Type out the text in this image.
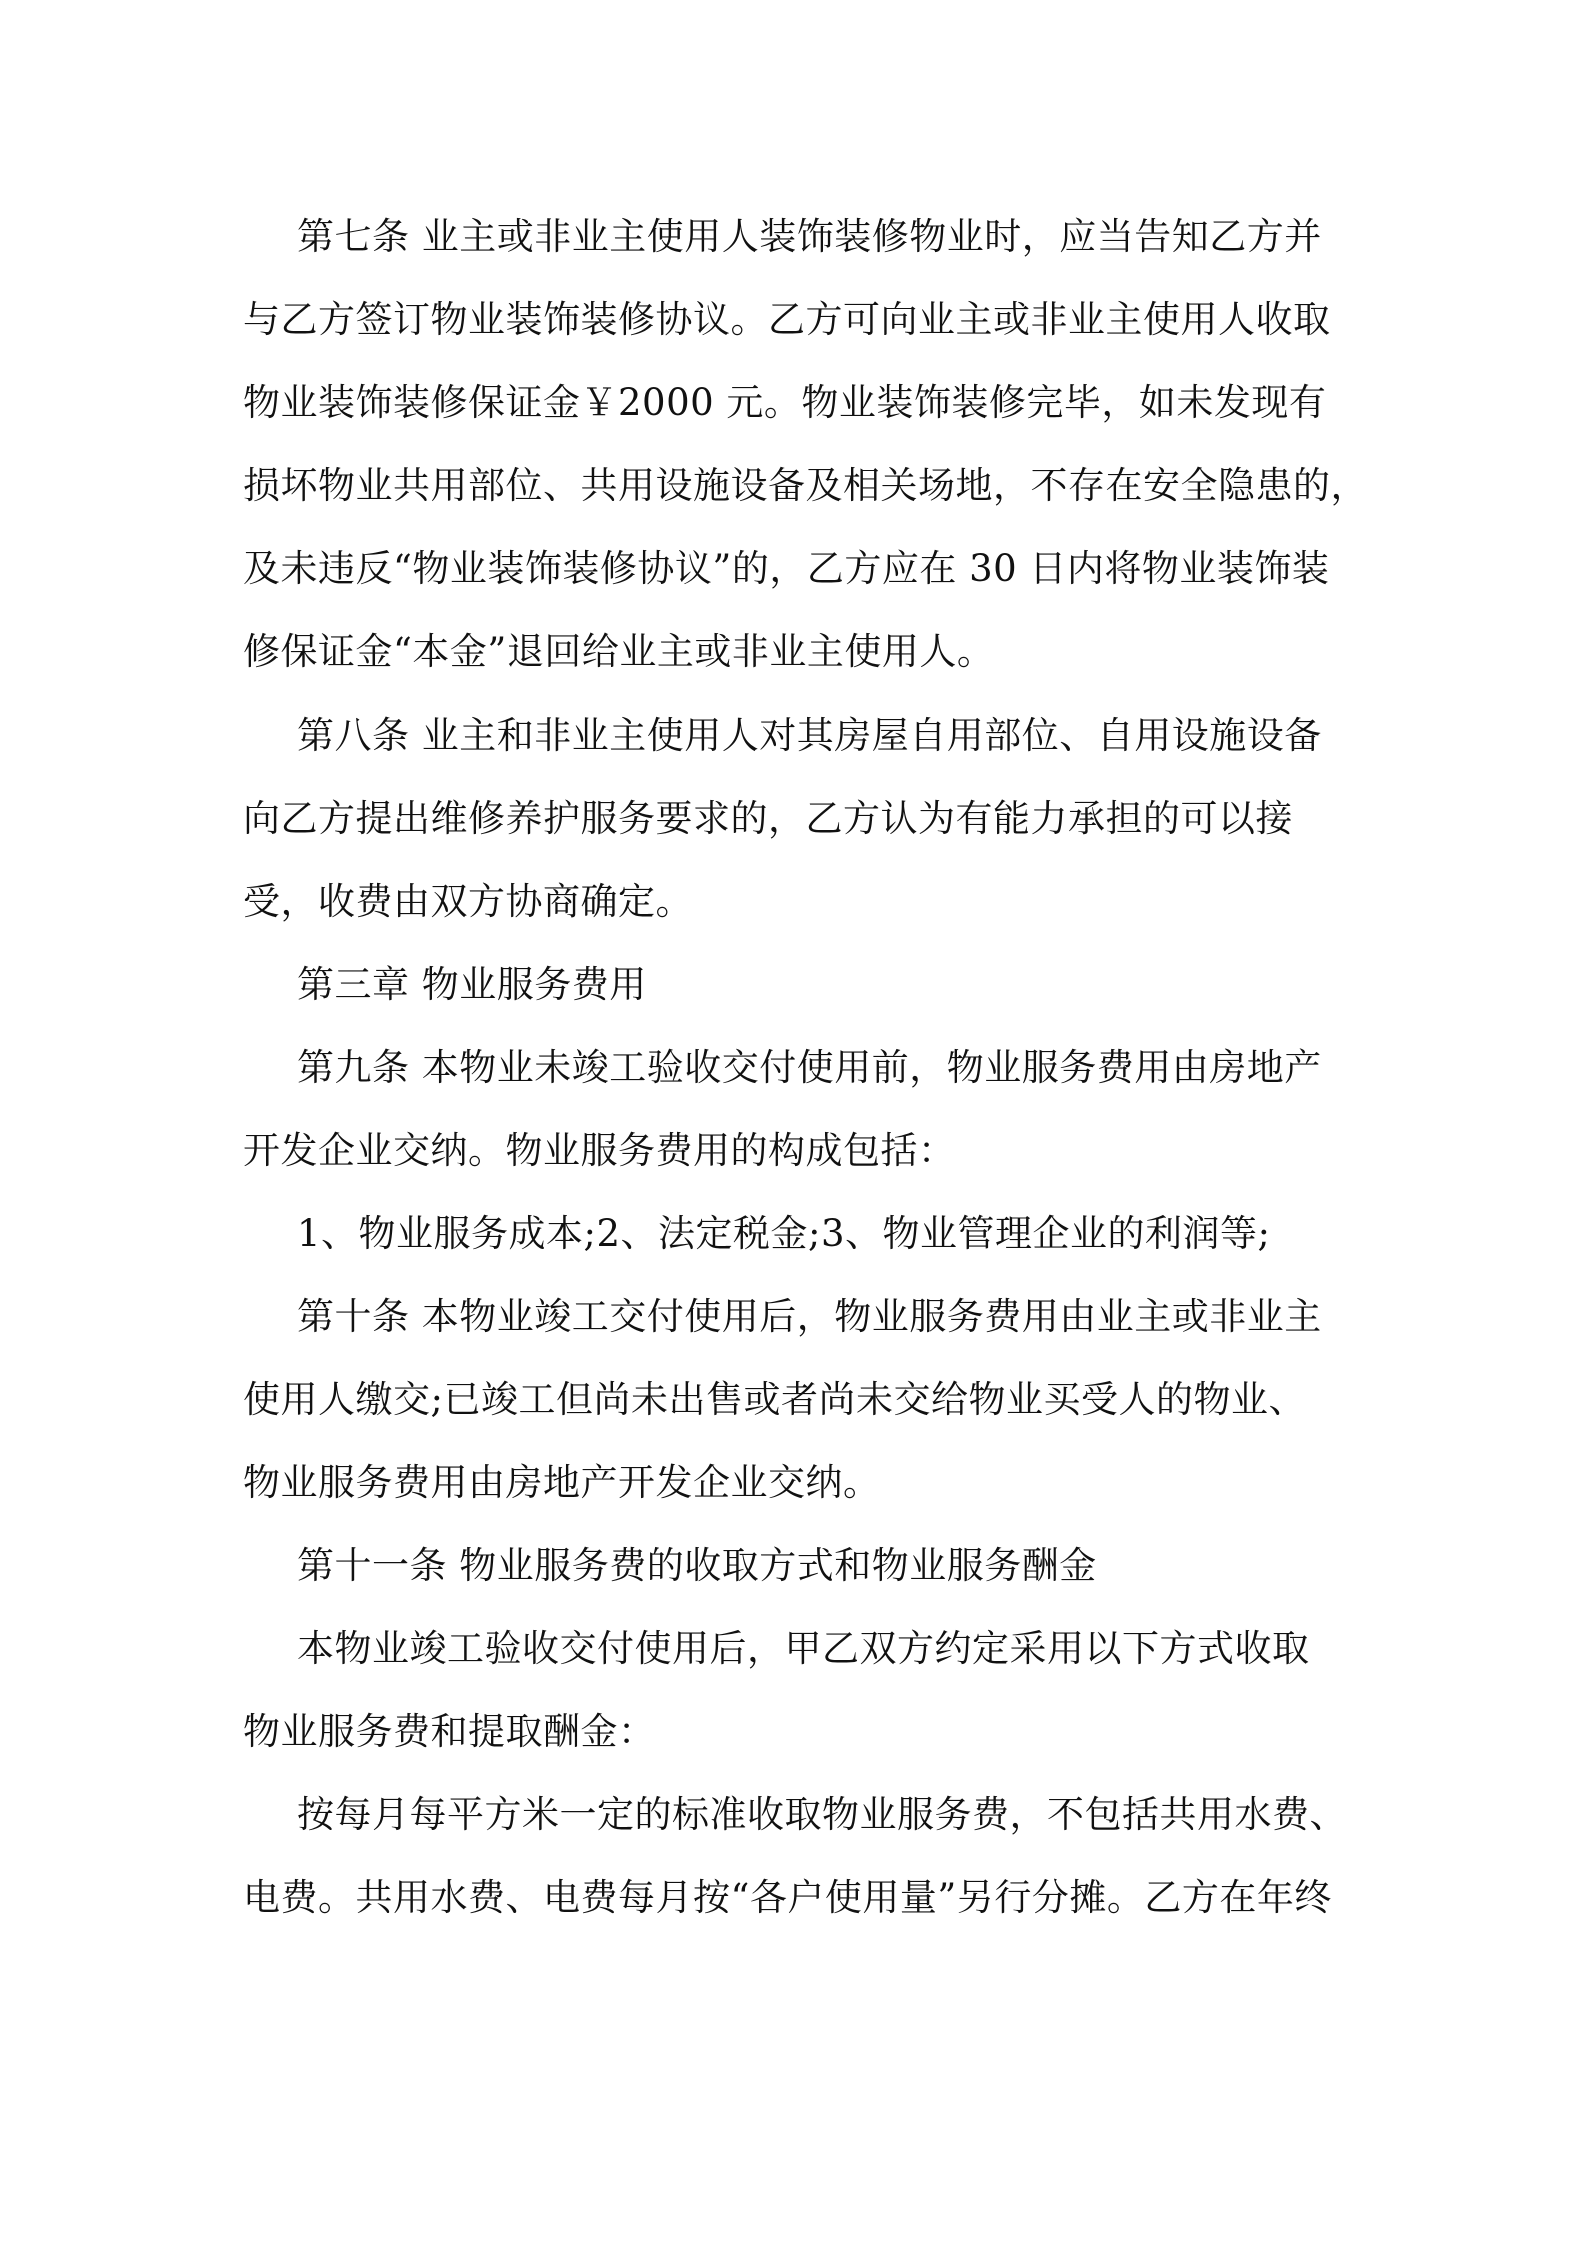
第七条 业主或非业主使用人装饰装修物业时，应当告知乙方并

与乙方签订物业装饰装修协议。乙方可向业主或非业主使用人收取

物业装饰装修保证金￥2000 元。物业装饰装修完毕，如未发现有

损坏物业共用部位、共用设施设备及相关场地，不存在安全隐患的，

及未违反“物业装饰装修协议”的，乙方应在 30 日内将物业装饰装

修保证金“本金”退回给业主或非业主使用人。

第八条 业主和非业主使用人对其房屋自用部位、自用设施设备

向乙方提出维修养护服务要求的，乙方认为有能力承担的可以接

受，收费由双方协商确定。

第三章 物业服务费用

第九条 本物业未竣工验收交付使用前，物业服务费用由房地产

开发企业交纳。物业服务费用的构成包括：

1、物业服务成本;2、法定税金;3、物业管理企业的利润等;

第十条 本物业竣工交付使用后，物业服务费用由业主或非业主

使用人缴交;已竣工但尚未出售或者尚未交给物业买受人的物业、

物业服务费用由房地产开发企业交纳。

第十一条 物业服务费的收取方式和物业服务酬金

本物业竣工验收交付使用后，甲乙双方约定采用以下方式收取

物业服务费和提取酬金：

按每月每平方米一定的标准收取物业服务费，不包括共用水费、

电费。共用水费、电费每月按“各户使用量”另行分摊。乙方在年终
